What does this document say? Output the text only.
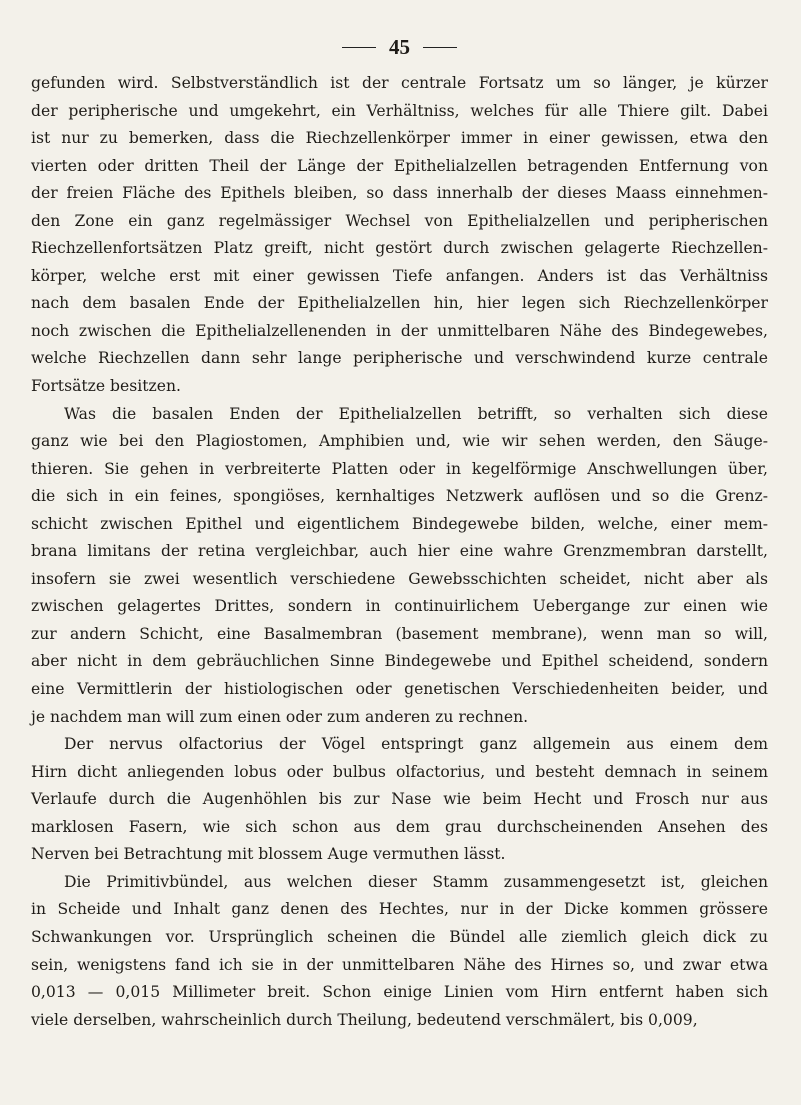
45

gefunden wird. Selbstverständlich ist der centrale Fortsatz um so länger, je kürzer

der peripherische und umgekehrt, ein Verhältniss, welches für alle Thiere gilt. Dabei

ist nur zu bemerken, dass die Riechzellenkörper immer in einer gewissen, etwa den

vierten oder dritten Theil der Länge der Epithelialzellen betragenden Entfernung von

der freien Fläche des Epithels bleiben, so dass innerhalb der dieses Maass einnehmen-

den Zone ein ganz regelmässiger Wechsel von Epithelialzellen und peripherischen

Riechzellenfortsätzen Platz greift, nicht gestört durch zwischen gelagerte Riechzellen-

körper, welche erst mit einer gewissen Tiefe anfangen. Anders ist das Verhältniss

nach dem basalen Ende der Epithelialzellen hin, hier legen sich Riechzellenkörper

noch zwischen die Epithelialzellenenden in der unmittelbaren Nähe des Bindegewebes,

welche Riechzellen dann sehr lange peripherische und verschwindend kurze centrale

Fortsätze besitzen.

Was die basalen Enden der Epithelialzellen betrifft, so verhalten sich diese

ganz wie bei den Plagiostomen, Amphibien und, wie wir sehen werden, den Säuge-

thieren. Sie gehen in verbreiterte Platten oder in kegelförmige Anschwellungen über,

die sich in ein feines, spongiöses, kernhaltiges Netzwerk auflösen und so die Grenz-

schicht zwischen Epithel und eigentlichem Bindegewebe bilden, welche, einer mem-

brana limitans der retina vergleichbar, auch hier eine wahre Grenzmembran darstellt,

insofern sie zwei wesentlich verschiedene Gewebsschichten scheidet, nicht aber als

zwischen gelagertes Drittes, sondern in continuirlichem Uebergange zur einen wie

zur andern Schicht, eine Basalmembran (basement membrane), wenn man so will,

aber nicht in dem gebräuchlichen Sinne Bindegewebe und Epithel scheidend, sondern

eine Vermittlerin der histiologischen oder genetischen Verschiedenheiten beider, und

je nachdem man will zum einen oder zum anderen zu rechnen.

Der nervus olfactorius der Vögel entspringt ganz allgemein aus einem dem

Hirn dicht anliegenden lobus oder bulbus olfactorius, und besteht demnach in seinem

Verlaufe durch die Augenhöhlen bis zur Nase wie beim Hecht und Frosch nur aus

marklosen Fasern, wie sich schon aus dem grau durchscheinenden Ansehen des

Nerven bei Betrachtung mit blossem Auge vermuthen lässt.

Die Primitivbündel, aus welchen dieser Stamm zusammengesetzt ist, gleichen

in Scheide und Inhalt ganz denen des Hechtes, nur in der Dicke kommen grössere

Schwankungen vor. Ursprünglich scheinen die Bündel alle ziemlich gleich dick zu

sein, wenigstens fand ich sie in der unmittelbaren Nähe des Hirnes so, und zwar etwa

0,013 — 0,015 Millimeter breit. Schon einige Linien vom Hirn entfernt haben sich

viele derselben, wahrscheinlich durch Theilung, bedeutend verschmälert, bis 0,009,
